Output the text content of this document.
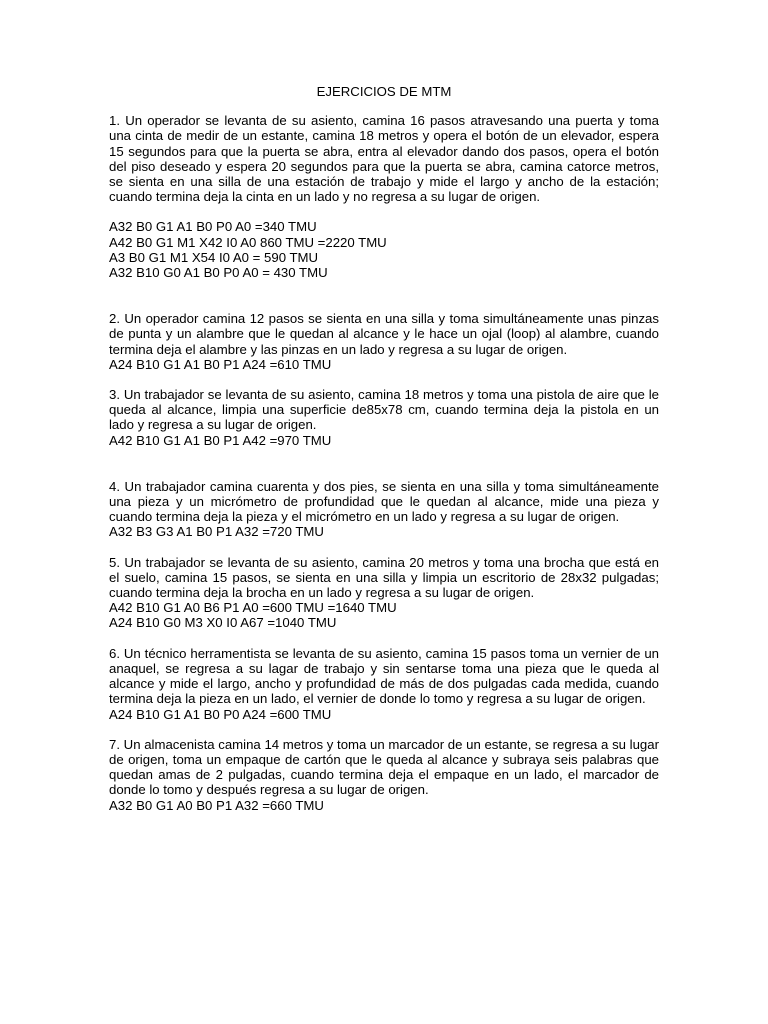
EJERCICIOS DE MTM

1. Un operador se levanta de su asiento, camina 16 pasos atravesando una puerta y toma una cinta de medir de un estante, camina 18 metros y opera el botón de un elevador, espera 15 segundos para que la puerta se abra, entra al elevador dando dos pasos, opera el botón del piso deseado y espera 20 segundos para que la puerta se abra, camina catorce metros, se sienta en una silla de una estación de trabajo y mide el largo y ancho de la estación; cuando termina deja la cinta en un lado y no regresa a su lugar de origen.

A32 B0 G1 A1 B0 P0 A0 =340 TMU

A42 B0 G1 M1 X42 I0 A0 860 TMU =2220 TMU

A3 B0 G1 M1 X54 I0 A0 = 590 TMU

A32 B10 G0 A1 B0 P0 A0 = 430 TMU

2. Un operador camina 12 pasos se sienta en una silla y toma simultáneamente unas pinzas de punta y un alambre que le quedan al alcance y le hace un ojal (loop) al alambre, cuando termina deja el alambre y las pinzas en un lado y regresa a su lugar de origen.

A24 B10 G1 A1 B0 P1 A24 =610 TMU

3. Un trabajador se levanta de su asiento, camina 18 metros y toma una pistola de aire que le queda al alcance, limpia una superficie de85x78 cm, cuando termina deja la pistola en un lado y regresa a su lugar de origen.

A42 B10 G1 A1 B0 P1 A42 =970 TMU

4. Un trabajador camina cuarenta y dos pies, se sienta en una silla y toma simultáneamente una pieza y un micrómetro de profundidad que le quedan al alcance, mide una pieza y cuando termina deja la pieza y el micrómetro en un lado y regresa a su lugar de origen.

A32 B3 G3 A1 B0 P1 A32 =720 TMU

5. Un trabajador se levanta de su asiento, camina 20 metros y toma una brocha que está en el suelo, camina 15 pasos, se sienta en una silla y limpia un escritorio de 28x32 pulgadas; cuando termina deja la brocha en un lado y regresa a su lugar de origen.

A42 B10 G1 A0 B6 P1 A0 =600 TMU =1640 TMU

A24 B10 G0 M3 X0 I0 A67 =1040 TMU

6. Un técnico herramentista se levanta de su asiento, camina 15 pasos toma un vernier de un anaquel, se regresa a su lagar de trabajo y sin sentarse toma una pieza que le queda al alcance y mide el largo, ancho y profundidad de más de dos pulgadas cada medida, cuando termina deja la pieza en un lado, el vernier de donde lo tomo y regresa a su lugar de origen.

A24 B10 G1 A1 B0 P0 A24 =600 TMU

7. Un almacenista camina 14 metros y toma un marcador de un estante, se regresa a su lugar de origen, toma un empaque de cartón que le queda al alcance y subraya seis palabras que quedan amas de 2 pulgadas, cuando termina deja el empaque en un lado, el marcador de donde lo tomo y después regresa a su lugar de origen.

A32 B0 G1 A0 B0 P1 A32 =660 TMU
